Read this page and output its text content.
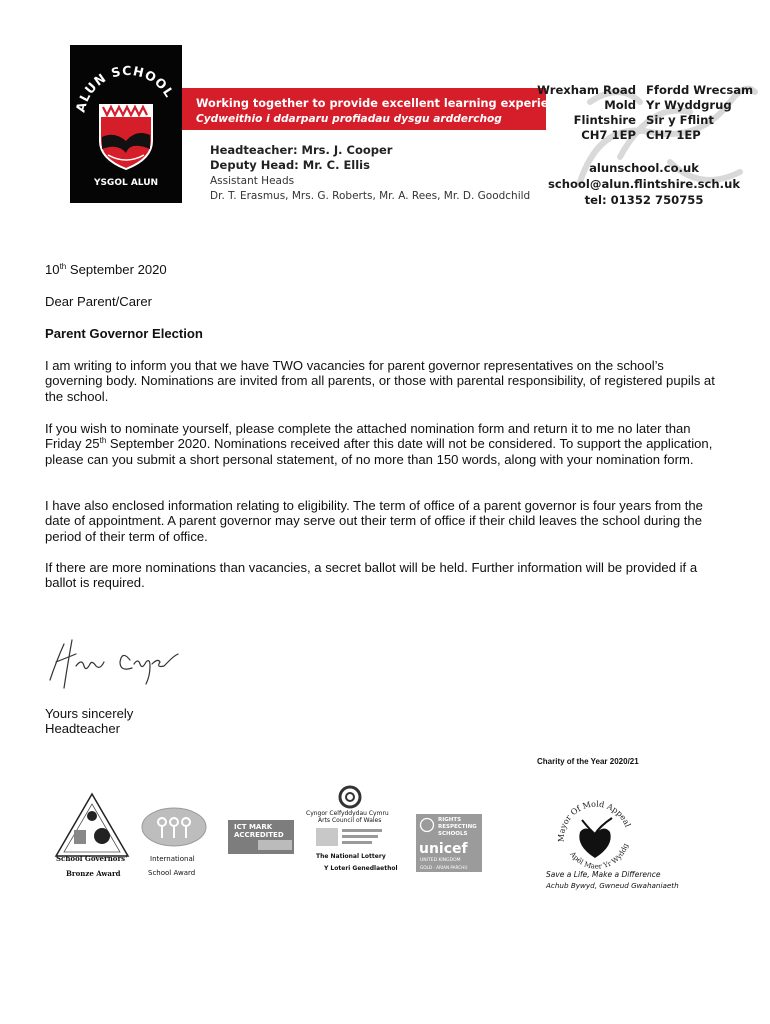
ALUN SCHOOL
YSGOL ALUN
Working together to provide excellent learning experiences
Cydweithio i ddarparu profiadau dysgu ardderchog
Headteacher: Mrs. J. Cooper
Deputy Head: Mr. C. Ellis
Assistant Heads
Dr. T. Erasmus, Mrs. G. Roberts, Mr. A. Rees, Mr. D. Goodchild
Wrexham Road
Mold
Flintshire
CH7 1EP
Ffordd Wrecsam
Yr Wyddgrug
Sir y Fflint
CH7 1EP
alunschool.co.uk
school@alun.flintshire.sch.uk
tel: 01352 750755
10th September 2020
Dear Parent/Carer
Parent Governor Election
I am writing to inform you that we have TWO vacancies for parent governor representatives on the school’s governing body. Nominations are invited from all parents, or those with parental responsibility, of registered pupils at the school.
If you wish to nominate yourself, please complete the attached nomination form and return it to me no later than Friday 25th September 2020. Nominations received after this date will not be considered. To support the application, please can you submit a short personal statement, of no more than 150 words, along with your nomination form.
I have also enclosed information relating to eligibility. The term of office of a parent governor is four years from the date of appointment. A parent governor may serve out their term of office if their child leaves the school during the period of their term of office.
If there are more nominations than vacancies, a secret ballot will be held. Further information will be provided if a ballot is required.
Yours sincerely
Headteacher
Charity of the Year 2020/21
School Governors'
Bronze Award
International
School Award
ICT MARK
ACCREDITED
Cyngor Celfyddydau Cymru
Arts Council of Wales
The National Lottery
Y Loteri Genedlaethol
RIGHTS
RESPECTING
SCHOOLS
unicef
UNITED KINGDOM
GOLD · ARIAN PARCHU
Mayor Of Mold Appeal
Apêl Maer Yr Wyddg
Save a Life, Make a Difference
Achub Bywyd, Gwneud Gwahaniaeth
